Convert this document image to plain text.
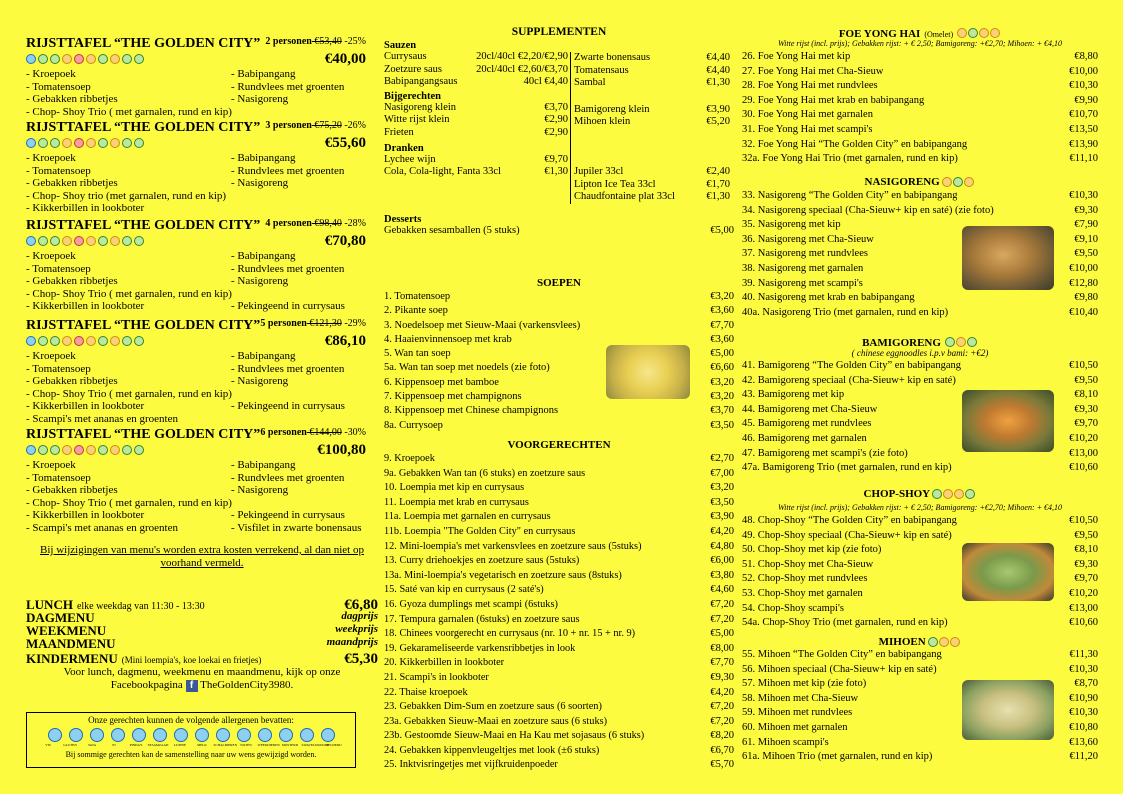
RIJSTTAFEL “THE GOLDEN CITY” 2 personen €53,40 -25%
€40,00
- Kroepoek	- Babipangang
- Tomatensoep	- Rundvlees met groenten
- Gebakken ribbetjes	- Nasigoreng
- Chop- Shoy Trio ( met garnalen, rund en kip)
RIJSTTAFEL “THE GOLDEN CITY” 3 personen €75,20 -26%
€55,60
- Kroepoek	- Babipangang
- Tomatensoep	- Rundvlees met groenten
- Gebakken ribbetjes	- Nasigoreng
- Chop- Shoy trio (met garnalen, rund en kip)
- Kikkerbillen in lookboter
RIJSTTAFEL “THE GOLDEN CITY” 4 personen €98,40 -28%
€70,80
- Kroepoek	- Babipangang
- Tomatensoep	- Rundvlees met groenten
- Gebakken ribbetjes	- Nasigoreng
- Chop- Shoy Trio ( met garnalen, rund en kip)
- Kikkerbillen in lookboter	- Pekingeend in currysaus
RIJSTTAFEL “THE GOLDEN CITY” 5 personen €121,30 -29%
€86,10
- Kroepoek	- Babipangang
- Tomatensoep	- Rundvlees met groenten
- Gebakken ribbetjes	- Nasigoreng
- Chop- Shoy Trio ( met garnalen, rund en kip)
- Kikkerbillen in lookboter	- Pekingeend in currysaus
- Scampi's met ananas en groenten
RIJSTTAFEL “THE GOLDEN CITY” 6 personen €144,00 -30%
€100,80
- Kroepoek	- Babipangang
- Tomatensoep	- Rundvlees met groenten
- Gebakken ribbetjes	- Nasigoreng
- Chop- Shoy Trio ( met garnalen, rund en kip)
- Kikkerbillen in lookboter	- Pekingeend in currysaus
- Scampi's met ananas en groenten	- Visfilet in zwarte bonensaus
Bij wijzigingen van menu's worden extra kosten verrekend, al dan niet op voorhand vermeld.
LUNCH elke weekdag van 11:30 - 13:30	€6,80
DAGMENU	dagprijs
WEEKMENU	weekprijs
MAANDMENU	maandprijs
KINDERMENU (Mini loempia's, koe loekai en frietjes)	€5,30
Voor lunch, dagmenu, weekmenu en maandmenu, kijk op onze Facebookpagina f TheGoldenCity3980.
Onze gerechten kunnen de volgende allergenen bevatten:
VIS	GLUTEN	SOJA	EI	PINDA'S	SESAMZAAD	LUPINE	MELK	SCHALDIEREN NOTEN	WEEKDIEREN MOSTERD	ZWAVELDIOXIDE
SELDERIJ
Bij sommige gerechten kan de samenstelling naar uw wens gewijzigd worden.
SUPPLEMENTEN
Sauzen
Currysaus	20cl/40cl €2,20/€2,90
Zoetzure saus	20cl/40cl €2,60/€3,70
Babipangangsaus	40cl €4,40
Bijgerechten
Nasigoreng klein	€3,70
Witte rijst klein	€2,90
Frieten	€2,90
Dranken
Lychee wijn	€9,70
Cola, Cola-light, Fanta 33cl	€1,30
Zwarte bonensaus	€4,40
Tomatensaus	€4,40
Sambal	€1,30
Bamigoreng klein	€3,90
Mihoen klein	€5,20
Jupiler 33cl	€2,40
Lipton Ice Tea 33cl	€1,70
Chaudfontaine plat 33cl	€1,30
Desserts
Gebakken sesamballen (5 stuks)	€5,00
SOEPEN
1. Tomatensoep	€3,20
2. Pikante soep	€3,60
3. Noedelsoep met Sieuw-Maai (varkensvlees)	€7,70
4. Haaienvinnensoep met krab	€3,60
5. Wan tan soep	€5,00
5a. Wan tan soep met noedels (zie foto)	€6,60
6. Kippensoep met bamboe	€3,20
7. Kippensoep met champignons	€3,20
8. Kippensoep met Chinese champignons	€3,70
8a. Currysoep	€3,50
VOORGERECHTEN
9. Kroepoek	€2,70
9a. Gebakken Wan tan (6 stuks) en zoetzure saus	€7,00
10. Loempia met kip en currysaus	€3,20
11. Loempia met krab en currysaus	€3,50
11a. Loempia met garnalen en currysaus	€3,90
11b. Loempia "The Golden City" en currysaus	€4,20
12. Mini-loempia's met varkensvlees en zoetzure saus (5stuks)	€4,80
13. Curry driehoekjes en zoetzure saus (5stuks)	€6,00
13a. Mini-loempia's vegetarisch en zoetzure saus (8stuks)	€3,80
15. Saté van kip en currysaus (2 saté's)	€4,60
16. Gyoza dumplings met scampi (6stuks)	€7,20
17. Tempura garnalen (6stuks) en zoetzure saus	€7,20
18. Chinees voorgerecht en currysaus (nr. 10 + nr. 15 + nr. 9)	€5,00
19. Gekarameliseerde varkensribbetjes in look	€8,00
20. Kikkerbillen in lookboter	€7,70
21. Scampi's in lookboter	€9,30
22. Thaise kroepoek	€4,20
23. Gebakken Dim-Sum en zoetzure saus (6 soorten)	€7,20
23a. Gebakken Sieuw-Maai en zoetzure saus (6 stuks)	€7,20
23b. Gestoomde Sieuw-Maai en Ha Kau met sojasaus (6 stuks)	€8,20
24. Gebakken kippenvleugeltjes met look (±6 stuks)	€6,70
25. Inktvisringetjes met vijfkruidenpoeder	€5,70
FOE YONG HAI (Omelet)
Witte rijst (incl. prijs); Gebakken rijst: + € 2,50; Bamigoreng: +€2,70; Mihoen: + €4,10
26. Foe Yong Hai met kip	€8,80
27. Foe Yong Hai met Cha-Sieuw	€10,00
28. Foe Yong Hai met rundvlees	€10,30
29. Foe Yong Hai met krab en babipangang	€9,90
30. Foe Yong Hai met garnalen	€10,70
31. Foe Yong Hai met scampi's	€13,50
32. Foe Yong Hai “The Golden City” en babipangang	€13,90
32a. Foe Yong Hai Trio (met garnalen, rund en kip)	€11,10
NASIGORENG
33. Nasigoreng “The Golden City” en babipangang	€10,30
34. Nasigoreng speciaal (Cha-Sieuw+ kip en saté) (zie foto)	€9,30
35. Nasigoreng met kip	€7,90
36. Nasigoreng met Cha-Sieuw	€9,10
37. Nasigoreng met rundvlees	€9,50
38. Nasigoreng met garnalen	€10,00
39. Nasigoreng met scampi's	€12,80
40. Nasigoreng met krab en babipangang	€9,80
40a. Nasigoreng Trio (met garnalen, rund en kip)	€10,40
BAMIGORENG
( chinese eggnoodles i.p.v bami: +€2)
41. Bamigoreng “The Golden City” en babipangang	€10,50
42. Bamigoreng speciaal (Cha-Sieuw+ kip en saté)	€9,50
43. Bamigoreng met kip	€8,10
44. Bamigoreng met Cha-Sieuw	€9,30
45. Bamigoreng met rundvlees	€9,70
46. Bamigoreng met garnalen	€10,20
47. Bamigoreng met scampi's (zie foto)	€13,00
47a. Bamigoreng Trio (met garnalen, rund en kip)	€10,60
CHOP-SHOY
Witte rijst (incl. prijs); Gebakken rijst: + € 2,50; Bamigoreng: +€2,70; Mihoen: + €4,10
48. Chop-Shoy “The Golden City” en babipangang	€10,50
49. Chop-Shoy speciaal (Cha-Sieuw+ kip en saté)	€9,50
50. Chop-Shoy met kip (zie foto)	€8,10
51. Chop-Shoy met Cha-Sieuw	€9,30
52. Chop-Shoy met rundvlees	€9,70
53. Chop-Shoy met garnalen	€10,20
54. Chop-Shoy scampi's	€13,00
54a. Chop-Shoy Trio (met garnalen, rund en kip)	€10,60
MIHOEN
55. Mihoen “The Golden City” en babipangang	€11,30
56. Mihoen speciaal (Cha-Sieuw+ kip en saté)	€10,30
57. Mihoen met kip (zie foto)	€8,70
58. Mihoen met Cha-Sieuw	€10,90
59. Mihoen met rundvlees	€10,30
60. Mihoen met garnalen	€10,80
61. Mihoen scampi's	€13,60
61a. Mihoen Trio (met garnalen, rund en kip)	€11,20
